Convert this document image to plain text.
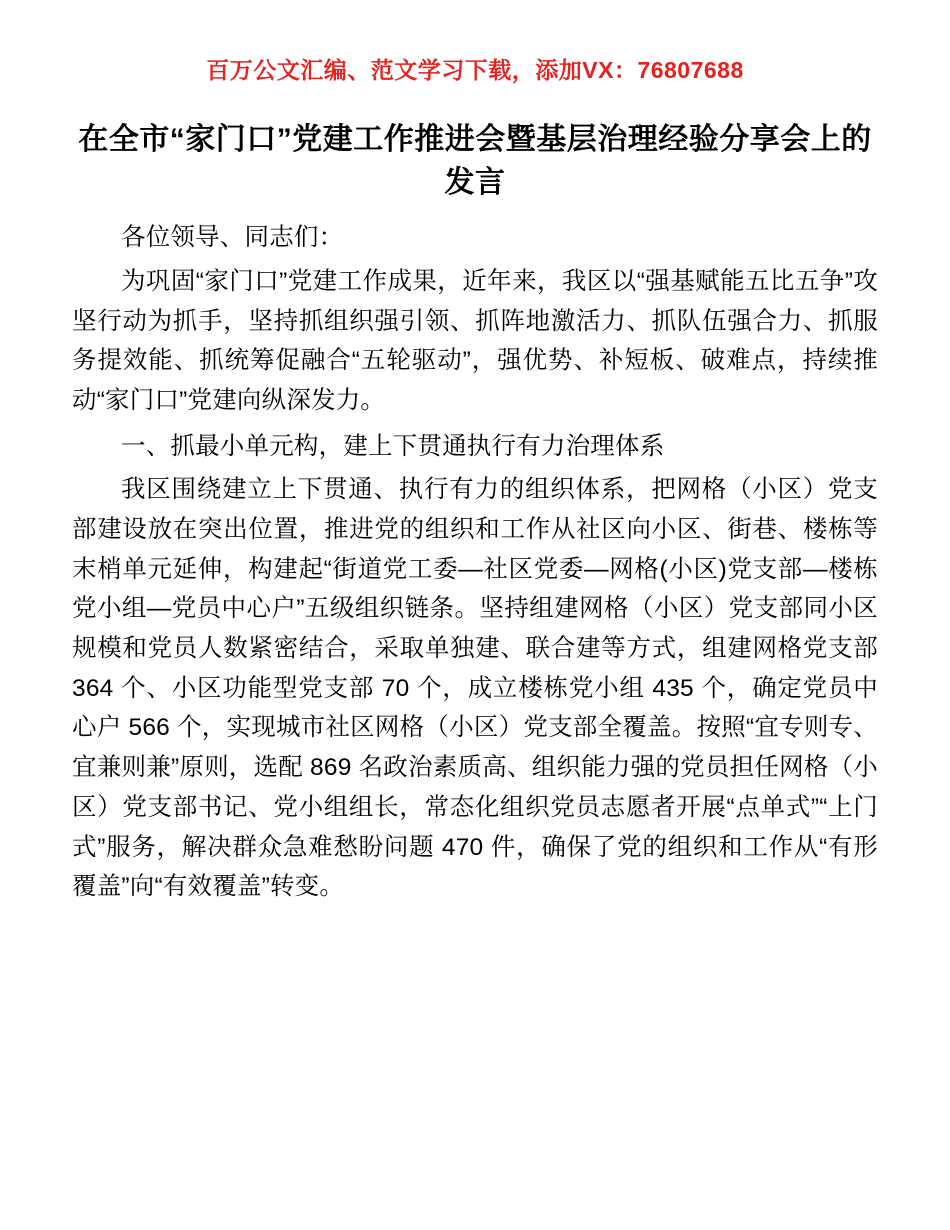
百万公文汇编、范文学习下载，添加VX：76807688
在全市“家门口”党建工作推进会暨基层治理经验分享会上的发言

各位领导、同志们：

为巩固“家门口”党建工作成果，近年来，我区以“强基赋能五比五争”攻坚行动为抓手，坚持抓组织强引领、抓阵地激活力、抓队伍强合力、抓服务提效能、抓统筹促融合“五轮驱动”，强优势、补短板、破难点，持续推动“家门口”党建向纵深发力。

一、抓最小单元构，建上下贯通执行有力治理体系

我区围绕建立上下贯通、执行有力的组织体系，把网格（小区）党支部建设放在突出位置，推进党的组织和工作从社区向小区、街巷、楼栋等末梢单元延伸，构建起“街道党工委—社区党委—网格(小区)党支部—楼栋党小组—党员中心户”五级组织链条。坚持组建网格（小区）党支部同小区规模和党员人数紧密结合，采取单独建、联合建等方式，组建网格党支部 364 个、小区功能型党支部 70 个，成立楼栋党小组 435 个，确定党员中心户 566 个，实现城市社区网格（小区）党支部全覆盖。按照“宜专则专、宜兼则兼”原则，选配 869 名政治素质高、组织能力强的党员担任网格（小区）党支部书记、党小组组长，常态化组织党员志愿者开展“点单式”“上门式”服务，解决群众急难愁盼问题 470 件，确保了党的组织和工作从“有形覆盖”向“有效覆盖”转变。
